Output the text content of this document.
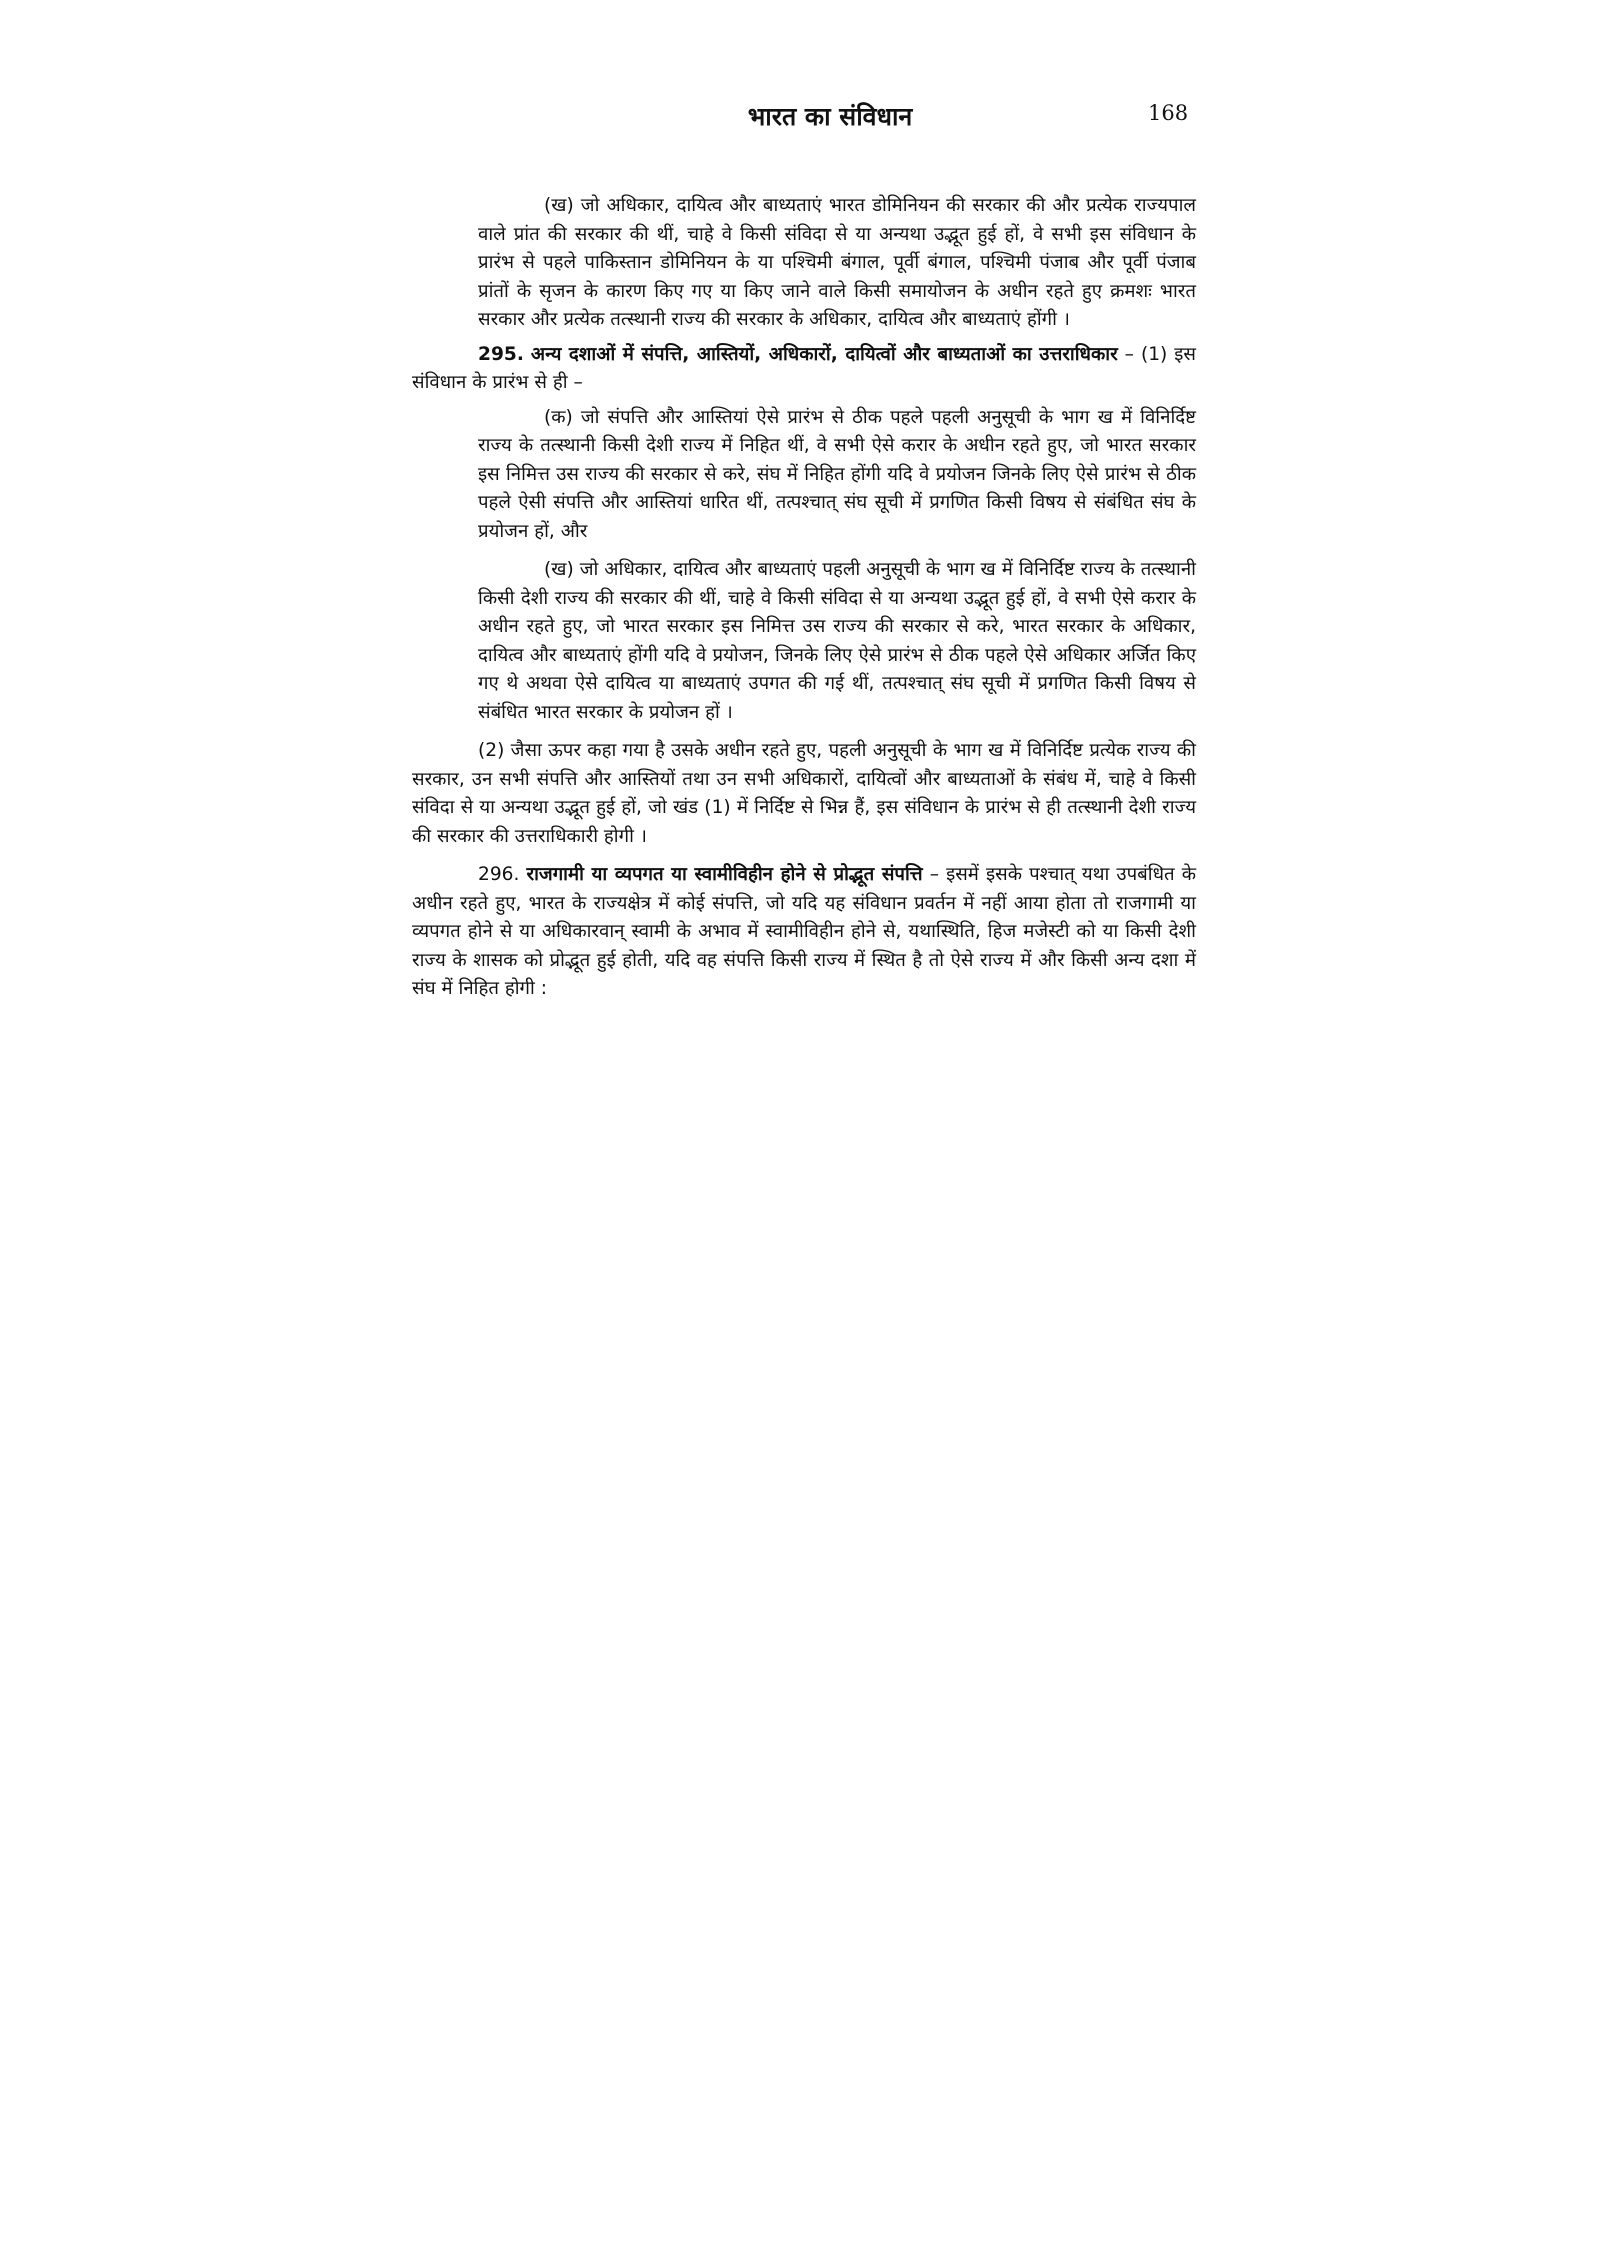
भारत का संविधान	168

(ख) जो अधिकार, दायित्व और बाध्यताएं भारत डोमिनियन की सरकार की और प्रत्येक राज्यपाल वाले प्रांत की सरकार की थीं, चाहे वे किसी संविदा से या अन्यथा उद्भूत हुई हों, वे सभी इस संविधान के प्रारंभ से पहले पाकिस्तान डोमिनियन के या पश्चिमी बंगाल, पूर्वी बंगाल, पश्चिमी पंजाब और पूर्वी पंजाब प्रांतों के सृजन के कारण किए गए या किए जाने वाले किसी समायोजन के अधीन रहते हुए क्रमशः भारत सरकार और प्रत्येक तत्स्थानी राज्य की सरकार के अधिकार, दायित्व और बाध्यताएं होंगी ।

295. अन्य दशाओं में संपत्ति, आस्तियों, अधिकारों, दायित्वों और बाध्यताओं का उत्तराधिकार – (1) इस संविधान के प्रारंभ से ही –

(क) जो संपत्ति और आस्तियां ऐसे प्रारंभ से ठीक पहले पहली अनुसूची के भाग ख में विनिर्दिष्ट राज्य के तत्स्थानी किसी देशी राज्य में निहित थीं, वे सभी ऐसे करार के अधीन रहते हुए, जो भारत सरकार इस निमित्त उस राज्य की सरकार से करे, संघ में निहित होंगी यदि वे प्रयोजन जिनके लिए ऐसे प्रारंभ से ठीक पहले ऐसी संपत्ति और आस्तियां धारित थीं, तत्पश्चात् संघ सूची में प्रगणित किसी विषय से संबंधित संघ के प्रयोजन हों, और

(ख) जो अधिकार, दायित्व और बाध्यताएं पहली अनुसूची के भाग ख में विनिर्दिष्ट राज्य के तत्स्थानी किसी देशी राज्य की सरकार की थीं, चाहे वे किसी संविदा से या अन्यथा उद्भूत हुई हों, वे सभी ऐसे करार के अधीन रहते हुए, जो भारत सरकार इस निमित्त उस राज्य की सरकार से करे, भारत सरकार के अधिकार, दायित्व और बाध्यताएं होंगी यदि वे प्रयोजन, जिनके लिए ऐसे प्रारंभ से ठीक पहले ऐसे अधिकार अर्जित किए गए थे अथवा ऐसे दायित्व या बाध्यताएं उपगत की गई थीं, तत्पश्चात् संघ सूची में प्रगणित किसी विषय से संबंधित भारत सरकार के प्रयोजन हों ।

(2) जैसा ऊपर कहा गया है उसके अधीन रहते हुए, पहली अनुसूची के भाग ख में विनिर्दिष्ट प्रत्येक राज्य की सरकार, उन सभी संपत्ति और आस्तियों तथा उन सभी अधिकारों, दायित्वों और बाध्यताओं के संबंध में, चाहे वे किसी संविदा से या अन्यथा उद्भूत हुई हों, जो खंड (1) में निर्दिष्ट से भिन्न हैं, इस संविधान के प्रारंभ से ही तत्स्थानी देशी राज्य की सरकार की उत्तराधिकारी होगी ।

296. राजगामी या व्यपगत या स्वामीविहीन होने से प्रोद्भूत संपत्ति – इसमें इसके पश्चात् यथा उपबंधित के अधीन रहते हुए, भारत के राज्यक्षेत्र में कोई संपत्ति, जो यदि यह संविधान प्रवर्तन में नहीं आया होता तो राजगामी या व्यपगत होने से या अधिकारवान् स्वामी के अभाव में स्वामीविहीन होने से, यथास्थिति, हिज मजेस्टी को या किसी देशी राज्य के शासक को प्रोद्भूत हुई होती, यदि वह संपत्ति किसी राज्य में स्थित है तो ऐसे राज्य में और किसी अन्य दशा में संघ में निहित होगी :
